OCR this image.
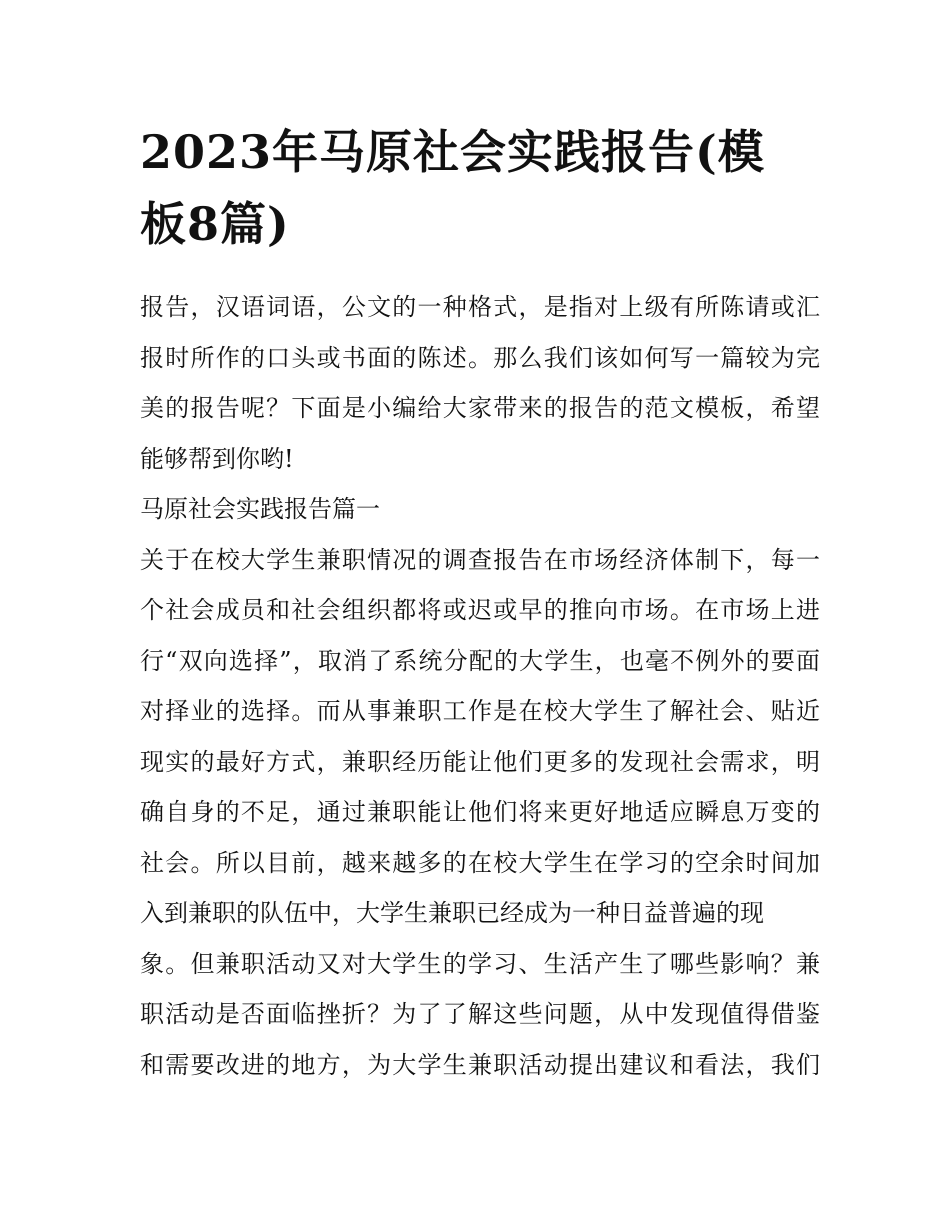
2023年马原社会实践报告(模
板8篇)
报告，汉语词语，公文的一种格式，是指对上级有所陈请或汇
报时所作的口头或书面的陈述。那么我们该如何写一篇较为完
美的报告呢？下面是小编给大家带来的报告的范文模板，希望
能够帮到你哟!
马原社会实践报告篇一
关于在校大学生兼职情况的调查报告在市场经济体制下，每一
个社会成员和社会组织都将或迟或早的推向市场。在市场上进
行“双向选择”，取消了系统分配的大学生，也毫不例外的要面
对择业的选择。而从事兼职工作是在校大学生了解社会、贴近
现实的最好方式，兼职经历能让他们更多的发现社会需求，明
确自身的不足，通过兼职能让他们将来更好地适应瞬息万变的
社会。所以目前，越来越多的在校大学生在学习的空余时间加
入到兼职的队伍中，大学生兼职已经成为一种日益普遍的现
象。但兼职活动又对大学生的学习、生活产生了哪些影响？兼
职活动是否面临挫折？为了了解这些问题，从中发现值得借鉴
和需要改进的地方，为大学生兼职活动提出建议和看法，我们
